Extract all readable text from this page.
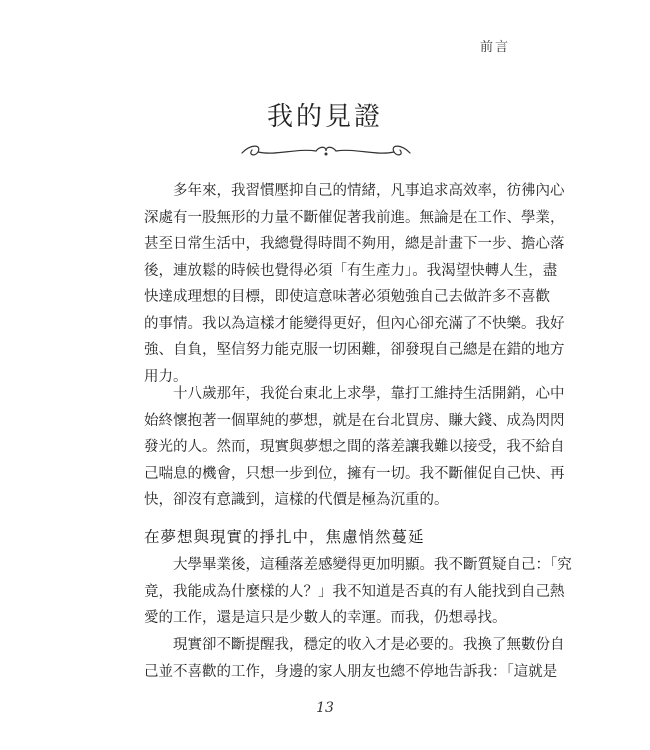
前言
我的見證
多年來，我習慣壓抑自己的情緒，凡事追求高效率，彷彿內心
深處有一股無形的力量不斷催促著我前進。無論是在工作、學業，
甚至日常生活中，我總覺得時間不夠用，總是計畫下一步、擔心落
後，連放鬆的時候也覺得必須「有生產力」。我渴望快轉人生，盡
快達成理想的目標，即使這意味著必須勉強自己去做許多不喜歡
的事情。我以為這樣才能變得更好，但內心卻充滿了不快樂。我好
強、自負，堅信努力能克服一切困難，卻發現自己總是在錯的地方
用力。
十八歲那年，我從台東北上求學，靠打工維持生活開銷，心中
始終懷抱著一個單純的夢想，就是在台北買房、賺大錢、成為閃閃
發光的人。然而，現實與夢想之間的落差讓我難以接受，我不給自
己喘息的機會，只想一步到位，擁有一切。我不斷催促自己快、再
快，卻沒有意識到，這樣的代價是極為沉重的。
在夢想與現實的掙扎中，焦慮悄然蔓延
大學畢業後，這種落差感變得更加明顯。我不斷質疑自己：「究
竟，我能成為什麼樣的人？」我不知道是否真的有人能找到自己熱
愛的工作，還是這只是少數人的幸運。而我，仍想尋找。
現實卻不斷提醒我，穩定的收入才是必要的。我換了無數份自
己並不喜歡的工作，身邊的家人朋友也總不停地告訴我：「這就是
13
